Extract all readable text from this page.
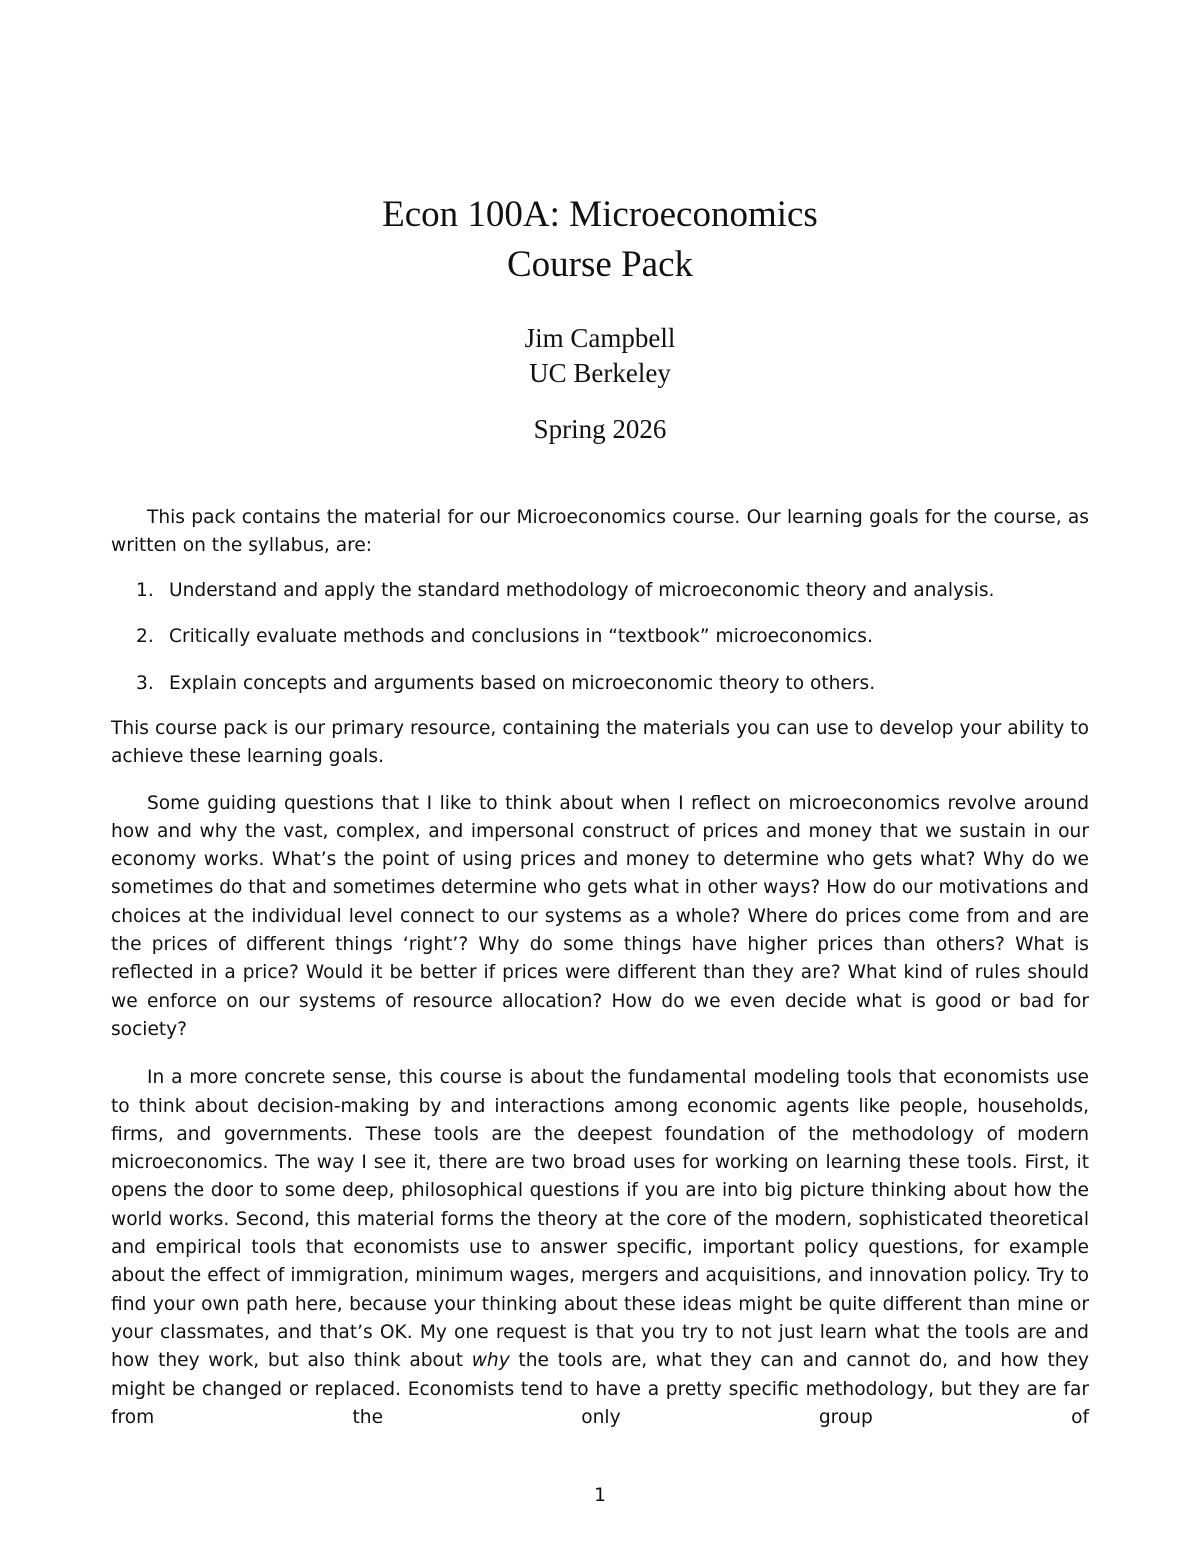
Econ 100A: Microeconomics
Course Pack
Jim Campbell
UC Berkeley
Spring 2026

This pack contains the material for our Microeconomics course. Our learning goals for the course, as written on the syllabus, are:

1. Understand and apply the standard methodology of microeconomic theory and analysis.
2. Critically evaluate methods and conclusions in “textbook” microeconomics.
3. Explain concepts and arguments based on microeconomic theory to others.

This course pack is our primary resource, containing the materials you can use to develop your ability to achieve these learning goals.

Some guiding questions that I like to think about when I reflect on microeconomics revolve around how and why the vast, complex, and impersonal construct of prices and money that we sustain in our economy works. What’s the point of using prices and money to determine who gets what? Why do we sometimes do that and sometimes determine who gets what in other ways? How do our motivations and choices at the individual level connect to our systems as a whole? Where do prices come from and are the prices of different things ‘right’? Why do some things have higher prices than others? What is reflected in a price? Would it be better if prices were different than they are? What kind of rules should we enforce on our systems of resource allocation? How do we even decide what is good or bad for society?

In a more concrete sense, this course is about the fundamental modeling tools that economists use to think about decision-making by and interactions among economic agents like people, households, firms, and governments. These tools are the deepest foundation of the methodology of modern microeconomics. The way I see it, there are two broad uses for working on learning these tools. First, it opens the door to some deep, philosophical questions if you are into big picture thinking about how the world works. Second, this material forms the theory at the core of the modern, sophisticated theoretical and empirical tools that economists use to answer specific, important policy questions, for example about the effect of immigration, minimum wages, mergers and acquisitions, and innovation policy. Try to find your own path here, because your thinking about these ideas might be quite different than mine or your classmates, and that’s OK. My one request is that you try to not just learn what the tools are and how they work, but also think about why the tools are, what they can and cannot do, and how they might be changed or replaced. Economists tend to have a pretty specific methodology, but they are far from the only group of

1
